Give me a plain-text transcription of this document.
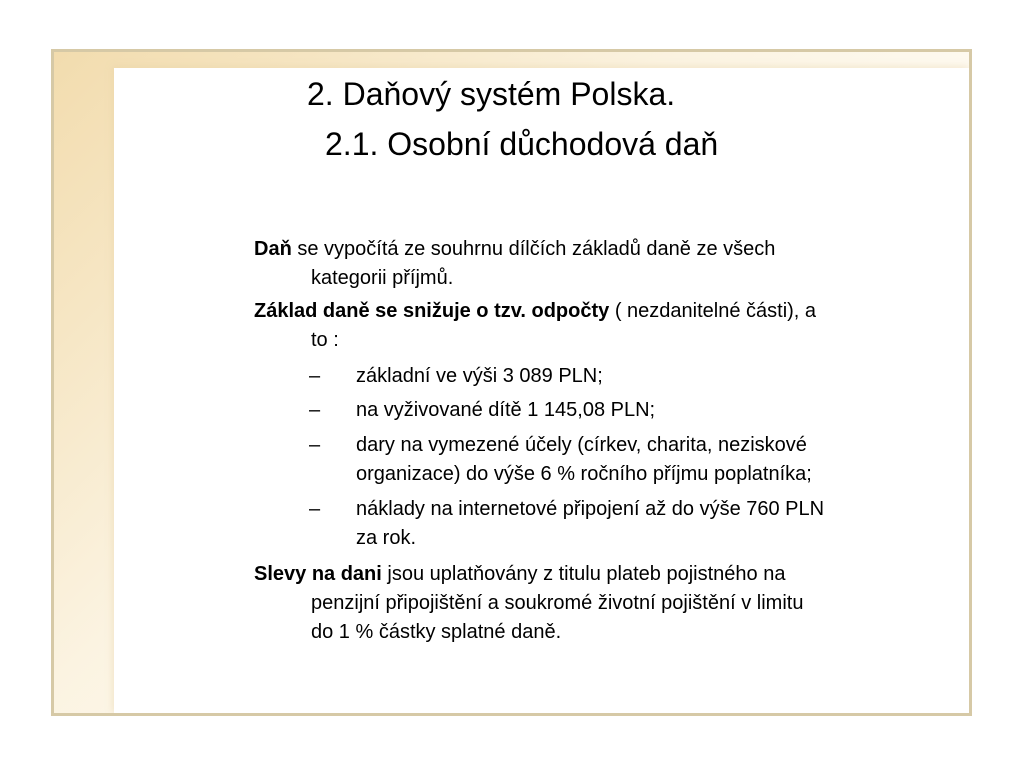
2. Daňový systém Polska.
2.1. Osobní důchodová daň

Daň se vypočítá ze souhrnu dílčích základů daně ze všech
kategorii příjmů.

Základ daně se snižuje o tzv. odpočty ( nezdanitelné části), a
to :

–	základní ve výši 3 089 PLN;
–	na vyživované dítě 1 145,08 PLN;
–	dary na vymezené účely (církev, charita, neziskové
organizace) do výše 6 % ročního příjmu poplatníka;
–	náklady na internetové připojení až do výše 760 PLN
za rok.

Slevy na dani jsou uplatňovány z titulu plateb pojistného na
penzijní připojištění a soukromé životní pojištění v limitu
do 1 % částky splatné daně.
